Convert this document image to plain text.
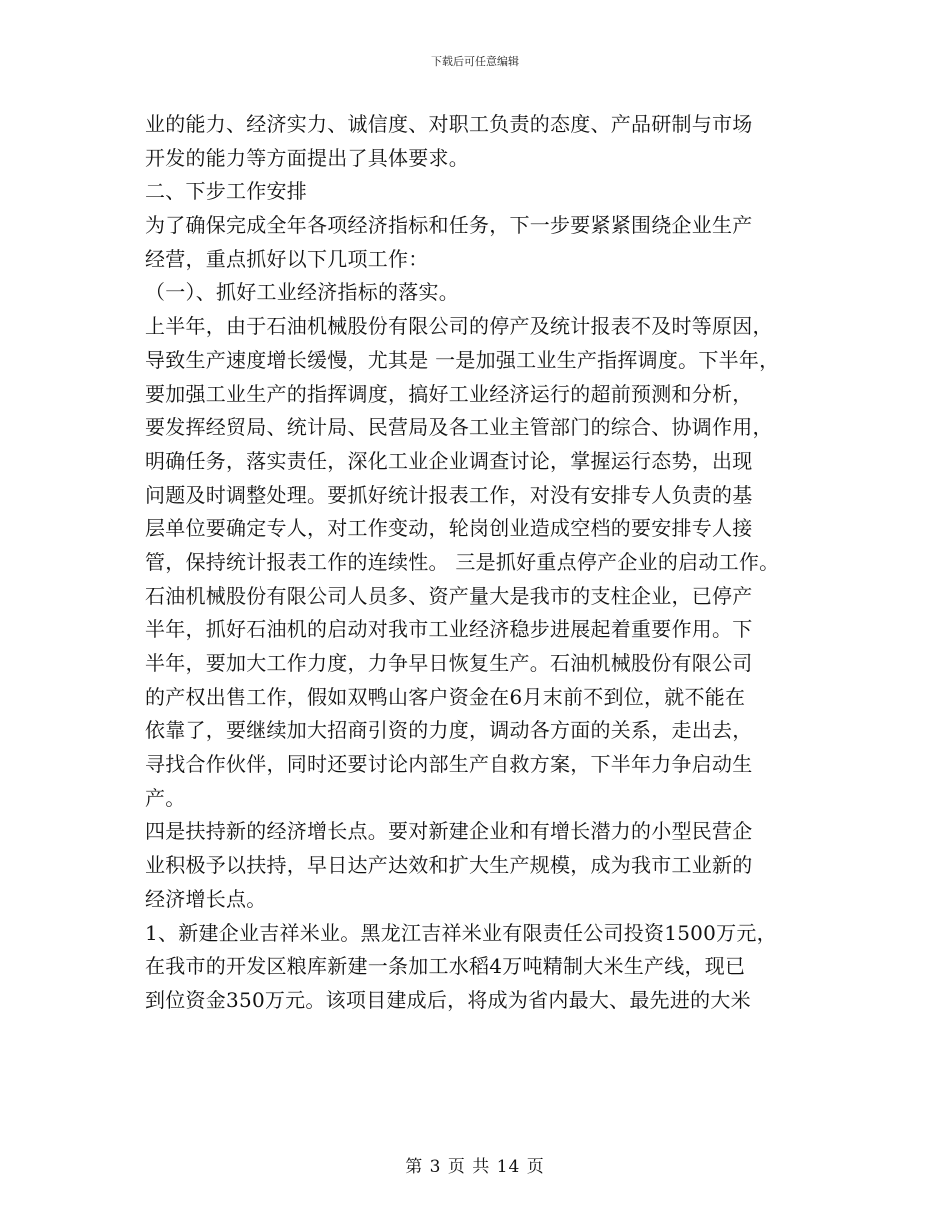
下载后可任意编辑
业的能力、经济实力、诚信度、对职工负责的态度、产品研制与市场
开发的能力等方面提出了具体要求。
二、下步工作安排
为了确保完成全年各项经济指标和任务，下一步要紧紧围绕企业生产
经营，重点抓好以下几项工作：
（一）、抓好工业经济指标的落实。
上半年，由于石油机械股份有限公司的停产及统计报表不及时等原因，
导致生产速度增长缓慢，尤其是 一是加强工业生产指挥调度。下半年，
要加强工业生产的指挥调度，搞好工业经济运行的超前预测和分析，
要发挥经贸局、统计局、民营局及各工业主管部门的综合、协调作用，
明确任务，落实责任，深化工业企业调查讨论，掌握运行态势，出现
问题及时调整处理。要抓好统计报表工作，对没有安排专人负责的基
层单位要确定专人，对工作变动，轮岗创业造成空档的要安排专人接
管，保持统计报表工作的连续性。 三是抓好重点停产企业的启动工作。
石油机械股份有限公司人员多、资产量大是我市的支柱企业，已停产
半年，抓好石油机的启动对我市工业经济稳步进展起着重要作用。下
半年，要加大工作力度，力争早日恢复生产。石油机械股份有限公司
的产权出售工作，假如双鸭山客户资金在6月末前不到位，就不能在
依靠了，要继续加大招商引资的力度，调动各方面的关系，走出去，
寻找合作伙伴，同时还要讨论内部生产自救方案，下半年力争启动生
产。
四是扶持新的经济增长点。要对新建企业和有增长潜力的小型民营企
业积极予以扶持，早日达产达效和扩大生产规模，成为我市工业新的
经济增长点。
1、新建企业吉祥米业。黑龙江吉祥米业有限责任公司投资1500万元，
在我市的开发区粮库新建一条加工水稻4万吨精制大米生产线，现已
到位资金350万元。该项目建成后，将成为省内最大、最先进的大米
第 3 页 共 14 页
